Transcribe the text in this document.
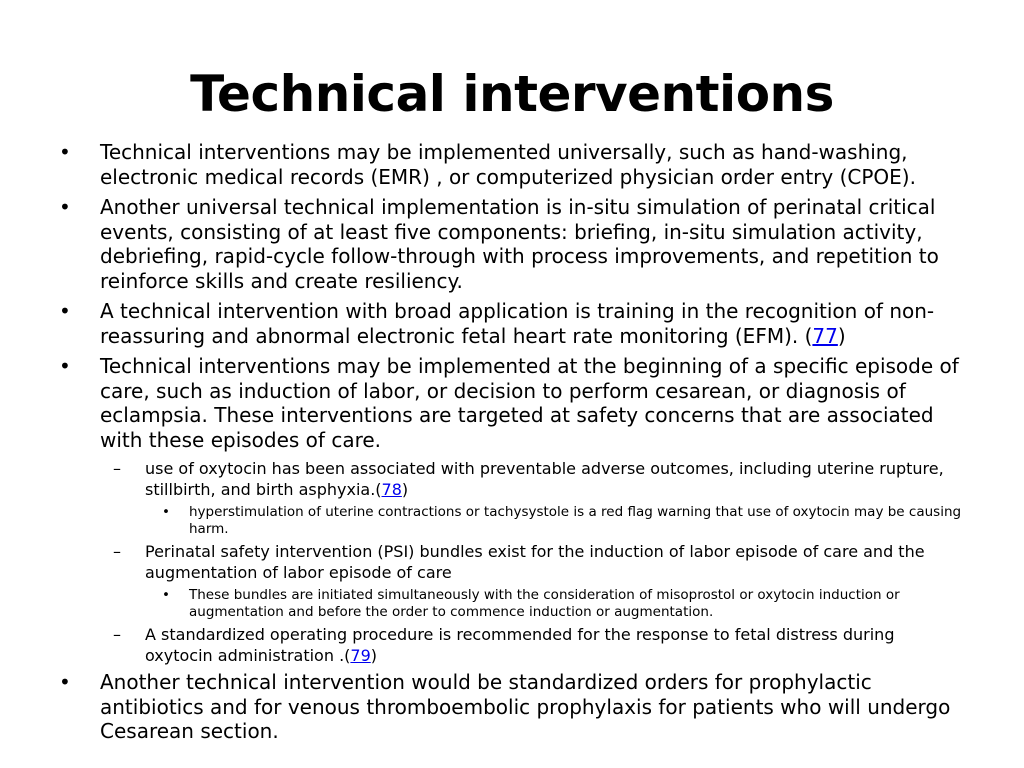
Technical interventions
• Technical interventions may be implemented universally, such as hand-washing, electronic medical records (EMR) , or computerized physician order entry (CPOE).
• Another universal technical implementation is in-situ simulation of perinatal critical events, consisting of at least five components: briefing, in-situ simulation activity, debriefing, rapid-cycle follow-through with process improvements, and repetition to reinforce skills and create resiliency.
• A technical intervention with broad application is training in the recognition of non-reassuring and abnormal electronic fetal heart rate monitoring (EFM). (77)
• Technical interventions may be implemented at the beginning of a specific episode of care, such as induction of labor, or decision to perform cesarean, or diagnosis of eclampsia. These interventions are targeted at safety concerns that are associated with these episodes of care.
– use of oxytocin has been associated with preventable adverse outcomes, including uterine rupture, stillbirth, and birth asphyxia.(78)
• hyperstimulation of uterine contractions or tachysystole is a red flag warning that use of oxytocin may be causing harm.
– Perinatal safety intervention (PSI) bundles exist for the induction of labor episode of care and the augmentation of labor episode of care
• These bundles are initiated simultaneously with the consideration of misoprostol or oxytocin induction or augmentation and before the order to commence induction or augmentation.
– A standardized operating procedure is recommended for the response to fetal distress during oxytocin administration .(79)
• Another technical intervention would be standardized orders for prophylactic antibiotics and for venous thromboembolic prophylaxis for patients who will undergo Cesarean section.
